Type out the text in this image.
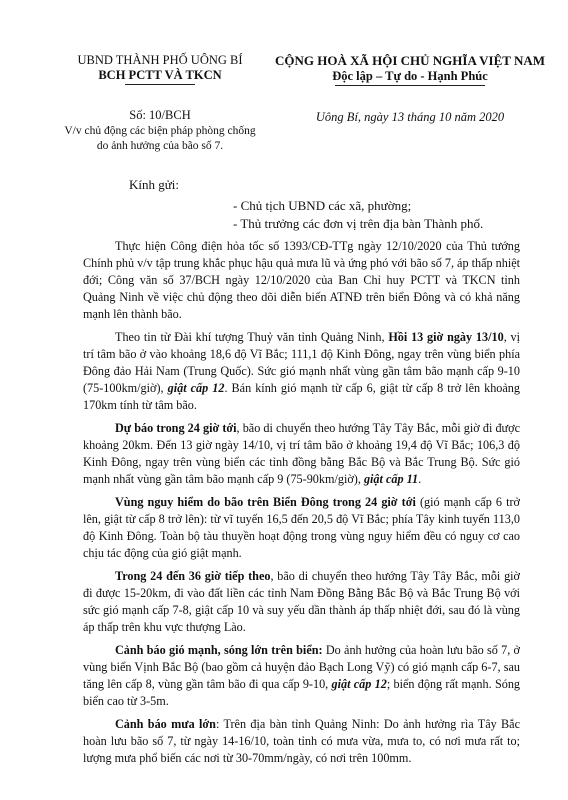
UBND THÀNH PHỐ UÔNG BÍ
BCH PCTT VÀ TKCN
CỘNG HOÀ XÃ HỘI CHỦ NGHĨA VIỆT NAM
Độc lập – Tự do - Hạnh Phúc
Số: 10/BCH
V/v chủ động các biện pháp phòng chống
do ảnh hưởng của bão số 7.
Uông Bí, ngày 13 tháng 10 năm 2020
Kính gửi:
- Chủ tịch UBND các xã, phường;
- Thủ trưởng các đơn vị trên địa bàn Thành phố.

Thực hiện Công điện hỏa tốc số 1393/CĐ-TTg ngày 12/10/2020 của Thủ tướng Chính phủ v/v tập trung khắc phục hậu quả mưa lũ và ứng phó với bão số 7, áp thấp nhiệt đới; Công văn số 37/BCH ngày 12/10/2020 của Ban Chỉ huy PCTT và TKCN tỉnh Quảng Ninh về việc chủ động theo dõi diễn biến ATNĐ trên biển Đông và có khả năng mạnh lên thành bão.

Theo tin từ Đài khí tượng Thuỷ văn tỉnh Quảng Ninh, Hồi 13 giờ ngày 13/10, vị trí tâm bão ở vào khoảng 18,6 độ Vĩ Bắc; 111,1 độ Kinh Đông, ngay trên vùng biển phía Đông đảo Hải Nam (Trung Quốc). Sức gió mạnh nhất vùng gần tâm bão mạnh cấp 9-10 (75-100km/giờ), giật cấp 12. Bán kính gió mạnh từ cấp 6, giật từ cấp 8 trở lên khoảng 170km tính từ tâm bão.

Dự báo trong 24 giờ tới, bão di chuyển theo hướng Tây Tây Bắc, mỗi giờ đi được khoảng 20km. Đến 13 giờ ngày 14/10, vị trí tâm bão ở khoảng 19,4 độ Vĩ Bắc; 106,3 độ Kinh Đông, ngay trên vùng biển các tỉnh đồng bằng Bắc Bộ và Bắc Trung Bộ. Sức gió mạnh nhất vùng gần tâm bão mạnh cấp 9 (75-90km/giờ), giật cấp 11.

Vùng nguy hiểm do bão trên Biển Đông trong 24 giờ tới (gió mạnh cấp 6 trở lên, giật từ cấp 8 trở lên): từ vĩ tuyến 16,5 đến 20,5 độ Vĩ Bắc; phía Tây kinh tuyến 113,0 độ Kinh Đông. Toàn bộ tàu thuyền hoạt động trong vùng nguy hiểm đều có nguy cơ cao chịu tác động của gió giật mạnh.

Trong 24 đến 36 giờ tiếp theo, bão di chuyển theo hướng Tây Tây Bắc, mỗi giờ đi được 15-20km, đi vào đất liền các tỉnh Nam Đồng Bằng Bắc Bộ và Bắc Trung Bộ với sức gió mạnh cấp 7-8, giật cấp 10 và suy yếu dần thành áp thấp nhiệt đới, sau đó là vùng áp thấp trên khu vực thượng Lào.

Cảnh báo gió mạnh, sóng lớn trên biển: Do ảnh hưởng của hoàn lưu bão số 7, ở vùng biển Vịnh Bắc Bộ (bao gồm cả huyện đảo Bạch Long Vỹ) có gió mạnh cấp 6-7, sau tăng lên cấp 8, vùng gần tâm bão đi qua cấp 9-10, giật cấp 12; biển động rất mạnh. Sóng biển cao từ 3-5m.

Cảnh báo mưa lớn: Trên địa bàn tỉnh Quảng Ninh: Do ảnh hưởng rìa Tây Bắc hoàn lưu bão số 7, từ ngày 14-16/10, toàn tỉnh có mưa vừa, mưa to, có nơi mưa rất to; lượng mưa phổ biến các nơi từ 30-70mm/ngày, có nơi trên 100mm.
